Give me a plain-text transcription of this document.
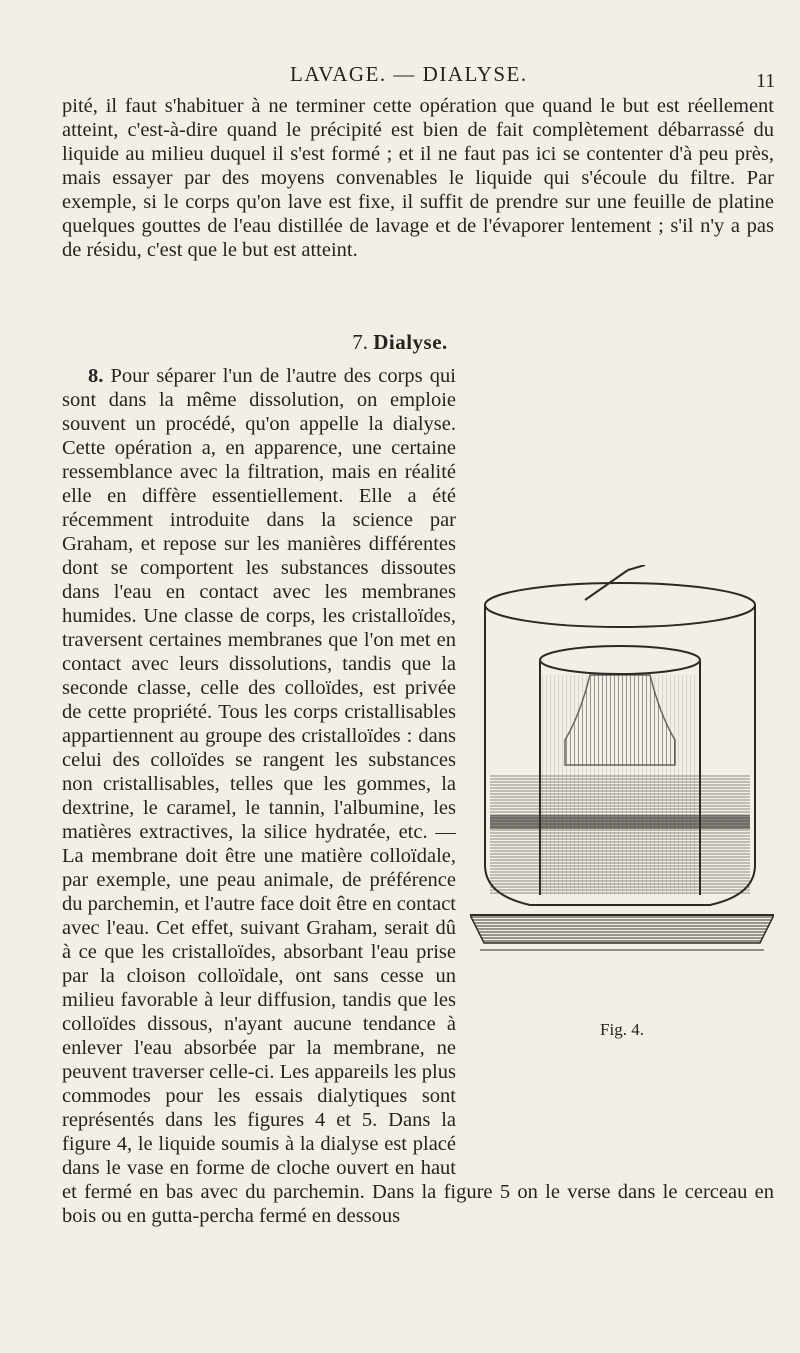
LAVAGE. — DIALYSE.	11

pité, il faut s'habituer à ne terminer cette opération que quand le but est réellement atteint, c'est-à-dire quand le précipité est bien de fait complètement débarrassé du liquide au milieu duquel il s'est formé ; et il ne faut pas ici se contenter d'à peu près, mais essayer par des moyens convenables le liquide qui s'écoule du filtre. Par exemple, si le corps qu'on lave est fixe, il suffit de prendre sur une feuille de platine quelques gouttes de l'eau distillée de lavage et de l'évaporer lentement ; s'il n'y a pas de résidu, c'est que le but est atteint.

7. Dialyse.
8. Pour séparer l'un de l'autre des corps qui sont dans la même dissolution, on emploie souvent un procédé, qu'on appelle la dialyse. Cette opération a, en apparence, une certaine ressemblance avec la filtration, mais en réalité elle en diffère essentiellement. Elle a été récemment introduite dans la science par Graham, et repose sur les manières différentes dont se comportent les substances dissoutes dans l'eau en contact avec les membranes humides. Une classe de corps, les cristalloïdes, traversent certaines membranes que l'on met en contact avec leurs dissolutions, tandis que la seconde classe, celle des colloïdes, est privée de cette propriété. Tous les corps cristallisables appartiennent au groupe des cristalloïdes : dans celui des colloïdes se rangent les substances non cristallisables, telles que les gommes, la dextrine, le caramel, le tannin, l'albumine, les matières extractives, la silice hydratée, etc. — La membrane doit être une matière colloïdale, par exemple, une peau animale, de préférence du parchemin, et l'autre face doit être en contact avec l'eau. Cet effet, suivant Graham, serait dû à ce que les cristalloïdes, absorbant l'eau prise par la cloison colloïdale, ont sans cesse un milieu favorable à leur diffusion, tandis que les colloïdes dissous, n'ayant aucune tendance à enlever l'eau absorbée par la membrane, ne peuvent traverser celle-ci. Les appareils les plus commodes pour les essais dialytiques sont représentés dans les figures 4 et 5. Dans la figure 4, le liquide soumis à la dialyse est placé dans le vase en forme de cloche ouvert en haut et fermé en bas avec du parchemin. Dans la figure 5 on le verse dans le cerceau en bois ou en gutta-percha fermé en dessous
Fig. 4.
